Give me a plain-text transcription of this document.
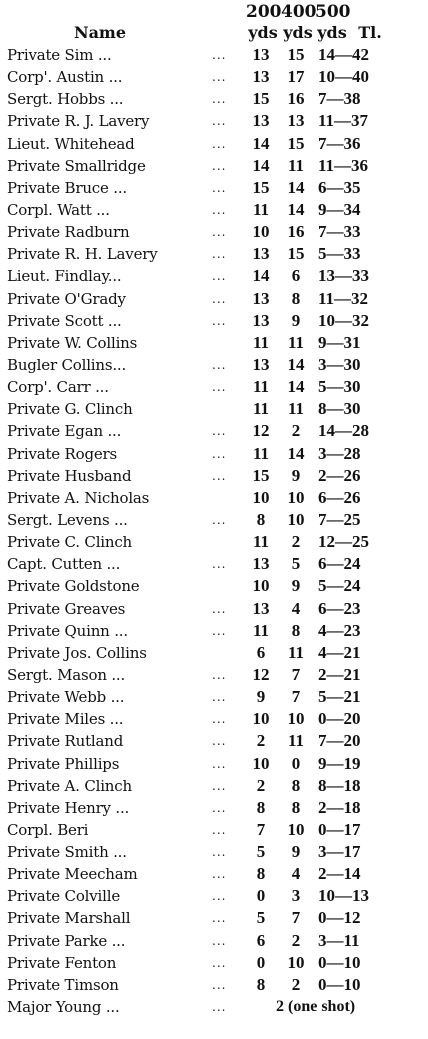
200 400
500
Name	yds yds yds Tl.
Private Sim ...	...	13	15 14—42
Corp'. Austin ...	...	13	17 10—40
Sergt. Hobbs ...	...	15	16 7—38
Private R. J. Lavery	...	13	13 11—37
Lieut. Whitehead	...	14	15 7—36
Private Smallridge	...	14	11 11—36
Private Bruce ...	...	15	14 6—35
Corpl. Watt ...	...	11	14 9—34
Private Radburn	...	10	16 7—33
Private R. H. Lavery	...	13	15 5—33
Lieut. Findlay...	...	14	6	13—33
Private O'Grady	...	13	8	11—32
Private Scott ...	...	13	9	10—32
Private W. Collins	11	11 9—31
Bugler Collins...	...	13	14 3—30
Corp'. Carr ...	...	11	14 5—30
Private G. Clinch	11	11 8—30
Private Egan ...	...	12	2	14—28
Private Rogers	...	11	14 3—28
Private Husband	...	15	9	2—26
Private A. Nicholas	10	10 6—26
Sergt. Levens ...	...	8	10 7—25
Private C. Clinch	11	2	12—25
Capt. Cutten ...	...	13	5	6—24
Private Goldstone	10	9	5—24
Private Greaves	...	13	4	6—23
Private Quinn ...	...	11	8	4—23
Private Jos. Collins	6	11 4—21
Sergt. Mason ...	...	12	7	2—21
Private Webb ...	...	9	7	5—21
Private Miles ...	...	10	10 0—20
Private Rutland	...	2	11 7—20
Private Phillips	...	10	0	9—19
Private A. Clinch	...	2	8	8—18
Private Henry ...	...	8	8	2—18
Corpl. Beri	...	7	10 0—17
Private Smith ...	...	5	9	3—17
Private Meecham	...	8	4	2—14
Private Colville	...	0	3	10—13
Private Marshall	...	5	7	0—12
Private Parke ...	...	6	2	3—11
Private Fenton	...	0	10 0—10
Private Timson	...	8	2	0—10
Major Young ...	...	2 (one shot)
